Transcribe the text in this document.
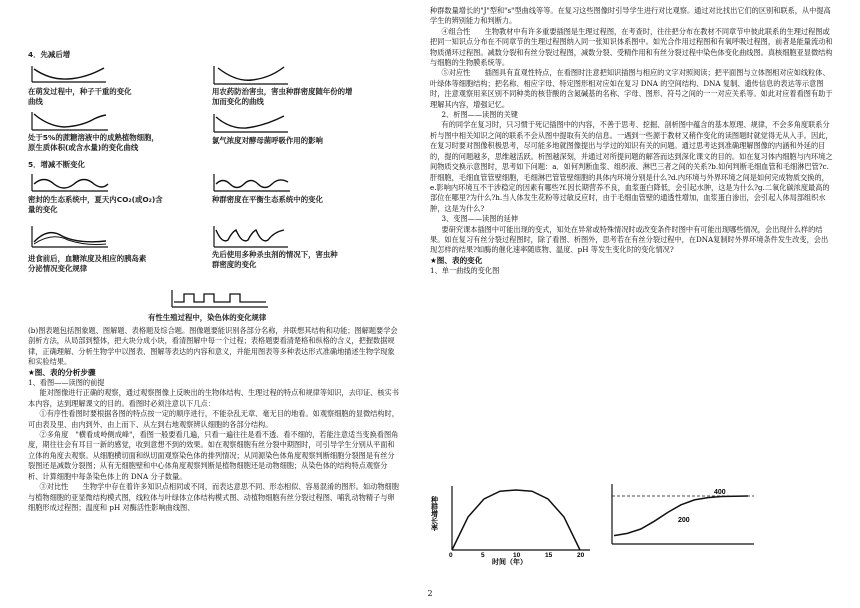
4．先减后增
在萌发过程中，种子干重的变化曲线
用农药防治害虫，害虫种群密度随年份的增加而变化的曲线
处于5%的蔗糖溶液中的成熟植物细胞，原生质体积(或含水量)的变化曲线
氯气浓度对酵母菌呼吸作用的影响
5．增减不断变化
密封的生态系统中，夏天内CO₂(或O₂)含量的变化
种群密度在平衡生态系统中的变化
进食前后，血糖浓度及相应的胰岛素分泌情况变化规律
先后使用多种杀虫剂的情况下，害虫种群密度的变化
有性生殖过程中，染色体的变化规律

(b)图表题包括图象题、图解题、表格题及综合题。图像题要能识别各部分名称，并联想其结构和功能；图解题要学会剖析方法，从局部到整体，把大块分成小块，看清图解中每一个过程；表格题要看清楚格和纵格的含义，把握数据规律，正确理解、分析生物学中以图表、图解等表达的内容和意义，并能用图表等多种表达形式准确地描述生物学现象和实验结果。

★图、表的分析步骤

1、看图——读图的前提

能对图像进行正确的观察，通过观察图像上反映出的生物体结构、生理过程的特点和规律等知识，去印证、核实书本内容，达到理解课文的目的。看图时必须注意以下几点：

①有序性看图时要根据各图的特点按一定的顺序进行，不能杂乱无章、毫无目的地看。如观察细胞的显微结构时，可由表及里、由内到外、由上而下、从左到右地观察辨认细胞的各部分结构。

②多角度　"横看成岭侧成峰"，看图一般要看几遍，只看一遍往往是看不透、看不细的，若能注意适当变换看图角度，期往往会有耳目一新的感觉，收到意想不到的效果。如在观察细胞有丝分裂中期图时，可引导学生分别从平面和立体的角度去观察。从细胞横切面和纵切面观察染色体的排列情况；从同源染色体角度观察判断细胞分裂图是有丝分裂图还是减数分裂图；从有无细胞壁和中心体角度观察判断是植物细胞还是动物细胞；从染色体的结构特点观察分析、计算细胞中每条染色体上的 DNA 分子数量。

③对比性　　生物学中存在着许多知识点相同或不同，而表达意思不同、形态相似、容易混淆的图形。如动物细胞与植物细胞的亚显微结构模式图，线粒体与叶绿体立体结构模式图、动植物细胞有丝分裂过程图、哺乳动物精子与卵细胞形成过程图；温度和 pH 对酶活性影响曲线图、

种群数量增长的"J"型和"s"型曲线等等。在复习这些图像时引导学生进行对比观察。通过对比找出它们的区别和联系，从中提高学生的辨别能力和判断力。

④组合性　　生物教材中有许多重要插图是生理过程图，在考查时，往往把分布在教材不同章节中彼此联系的生理过程图或把同一知识点分布在不同章节的生理过程图纳入同一张知识体系图中。如光合作用过程图和有氧呼吸过程图，前者是能量流动和物质循环过程图。减数分裂和有丝分裂过程图，减数分裂、受精作用和有丝分裂过程中染色体变化曲线图。真核细胞亚显微结构与细胞的生物膜系统等。

⑤对应性　　插图具有直观性特点，在看图时注意把知识插图与相应的文字对照阅读；把平面图与立体图相对应如线粒体、叶绿体等细胞结构；把名称、相应字母、特定图形相对应如在复习 DNA 的空间结构、DNA 复制、遗传信息的表达等示意图时，注意观察用来区别不同种类的核苷酸的含氮碱基的名称、字母、图形、符号之间的一一对应关系等。如此对应着看图有助于理解其内容，增强记忆。

2、析图——读图的关键

有的同学在复习时，只习惯于死记插图中的内容，不善于思考、挖掘、剖析图中蕴含的基本原理、规律，不会多角度联系分析与图中相关知识之间的联系不会从图中提取有关的信息。一遇到一些源于教材又稍作变化的读图题时就觉得无从入手。因此，在复习时要对图像积极思考，尽可能多地就图像提出与学过的知识有关的问题。通过思考达到准确理解图像的内涵和外延的目的，提的问题越多，思维越活跃。析图越深刻，并通过对所提问题的解答而达到深化课文的目的。如在复习体内细胞与内环境之间物质交换示意图时，思考如下问题：a．如何判断血浆、组织液、淋巴三者之间的关系?b.如何判断毛细血管和毛细淋巴管?c.肝细胞，毛细血管管壁细胞，毛细淋巴管管壁细胞的具体内环境分别是什么?d.内环境与外界环境之间是如何完成物质交换的，e.影响内环境互不干涉稳定的因素有哪些?f.因长期营养不良，血浆蛋白降低，会引起水肿，这是为什么?g.二氧化碳浓度最高的部位在哪里?为什么?h.当人体发生花粉等过敏反应时，由于毛细血管壁的通透性增加，血浆蛋白渗出，会引起人体局部组织水肿，这是为什么?

3、变图——读图的延伸

要研究课本插图中可能出现的变式，知处在异常或特殊情况时或改变条件时图中有可能出现哪些情况，会出现什么样的结果。如在复习有丝分裂过程图时，除了看图、析图外，思考若在有丝分裂过程中，在DNA复制时外界环境条件发生改变，会出现怎样的结果?如酶的催化速率随底物、温度、pH 等发生变化时的变化情况?

★图、表的变化

1、单一曲线的变化图

种群增长率
0	5	10	15	20
时间（年）
400
200
2
